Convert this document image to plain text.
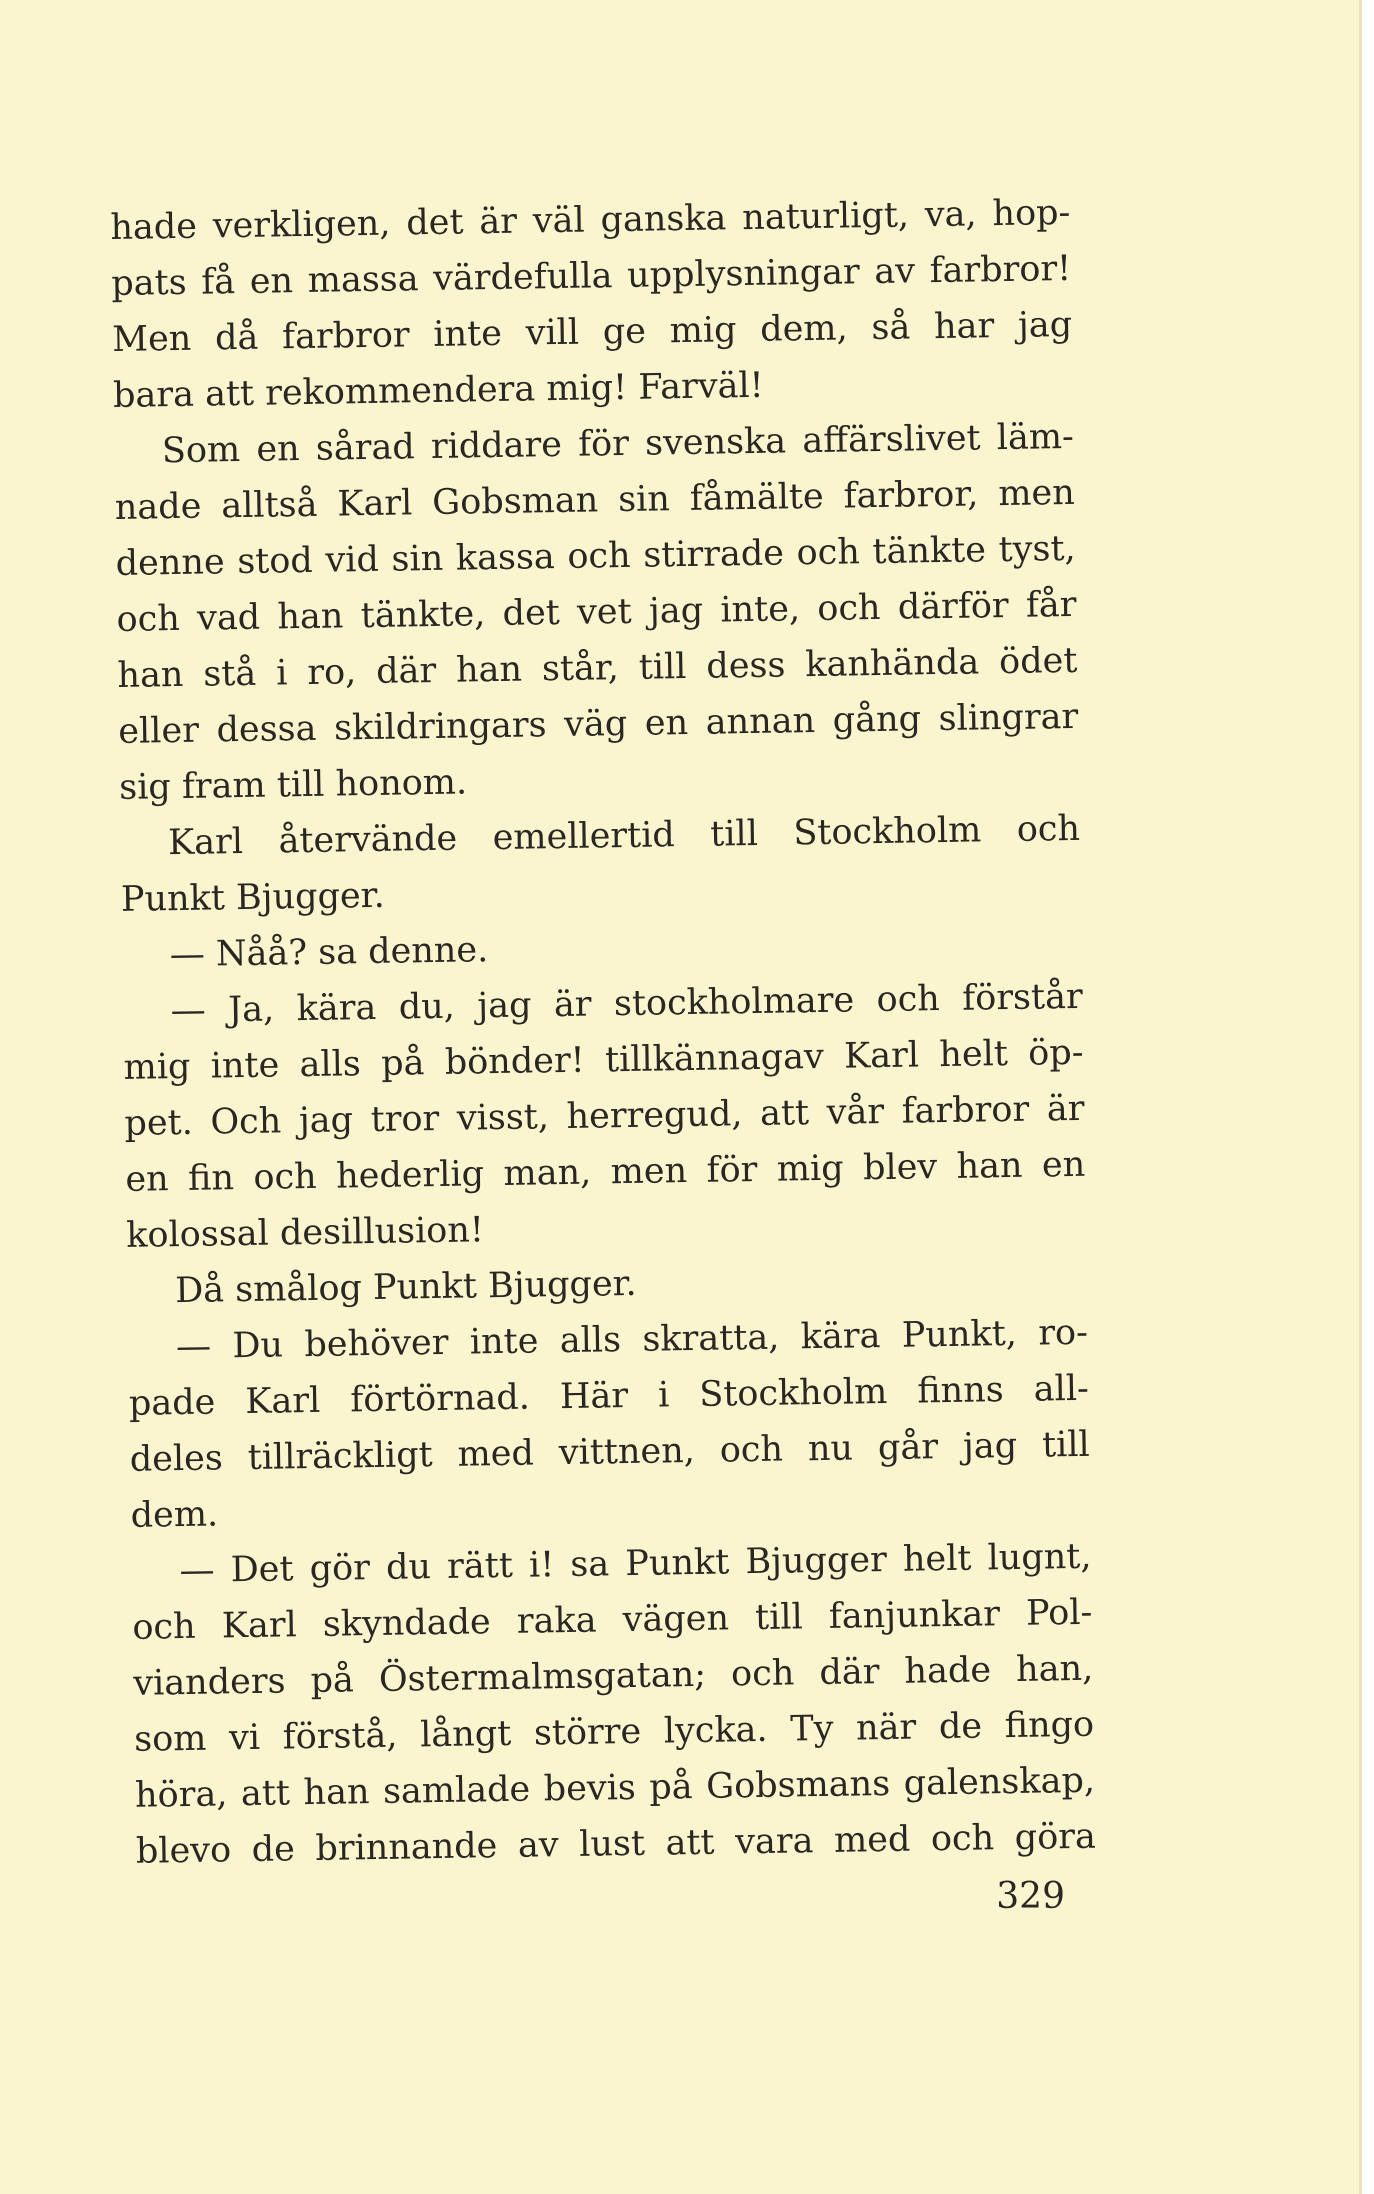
hade verkligen, det är väl ganska naturligt, va, hop-
pats få en massa värdefulla upplysningar av farbror!
Men då farbror inte vill ge mig dem, så har jag
bara att rekommendera mig! Farväl!
Som en sårad riddare för svenska affärslivet läm-
nade alltså Karl Gobsman sin fåmälte farbror, men
denne stod vid sin kassa och stirrade och tänkte tyst,
och vad han tänkte, det vet jag inte, och därför får
han stå i ro, där han står, till dess kanhända ödet
eller dessa skildringars väg en annan gång slingrar
sig fram till honom.
Karl återvände emellertid till Stockholm och
Punkt Bjugger.
— Nåå? sa denne.
— Ja, kära du, jag är stockholmare och förstår
mig inte alls på bönder! tillkännagav Karl helt öp-
pet. Och jag tror visst, herregud, att vår farbror är
en fin och hederlig man, men för mig blev han en
kolossal desillusion!
Då smålog Punkt Bjugger.
— Du behöver inte alls skratta, kära Punkt, ro-
pade Karl förtörnad. Här i Stockholm finns all-
deles tillräckligt med vittnen, och nu går jag till
dem.
— Det gör du rätt i! sa Punkt Bjugger helt lugnt,
och Karl skyndade raka vägen till fanjunkar Pol-
vianders på Östermalmsgatan; och där hade han,
som vi förstå, långt större lycka. Ty när de fingo
höra, att han samlade bevis på Gobsmans galenskap,
blevo de brinnande av lust att vara med och göra
329
